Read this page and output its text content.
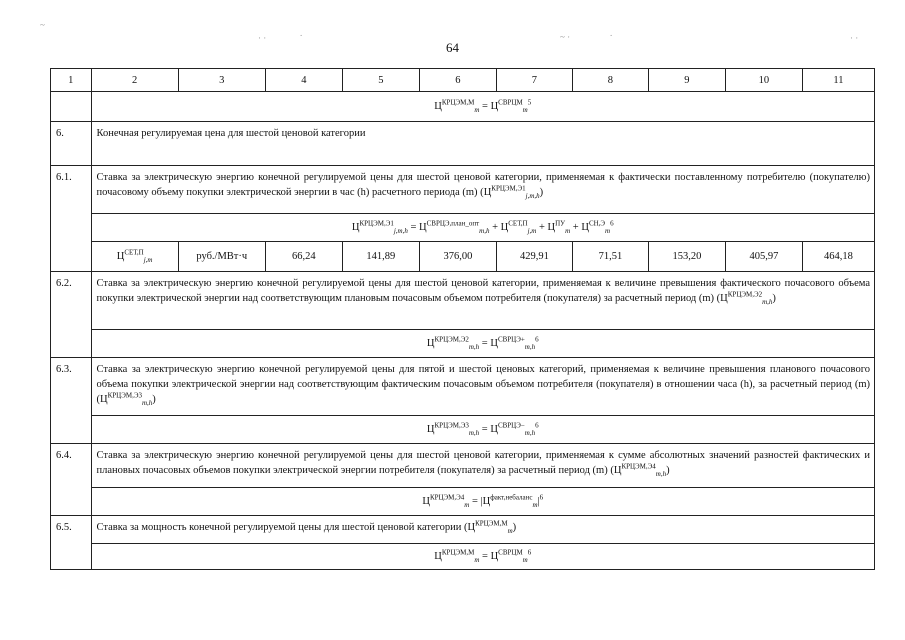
64
~
· ·	.	~ ·	.	· ·
1	2	3	4	5	6	7	8	9	10	11
	$Ц^{КРЦЭМ,М}_m = Ц^{СВРЦМ}_m^5$
6.	Конечная регулируемая цена для шестой ценовой категории									
6.1.	Ставка за электрическую энергию конечной регулируемой цены для шестой ценовой категории, применяемая к фактически поставленному потребителю (покупателю) почасовому объему покупки электрической энергии в час (h) расчетного периода (m) $(Ц^{КРЦЭМ,Э1}_{j,m,h})$									
	$Ц^{КРЦЭМ,Э1}_{j,m,h} = Ц^{СВРЦЭ,план\_опт}_{m,h} + Ц^{СЕТ,П}_{j,m} + Ц^{ПУ}_m + Ц^{СН,Э}_m^6$
	$Ц^{СЕТ,П}_{j,m}$	руб./МВт·ч	66,24	141,89	376,00	429,91	71,51	153,20	405,97	464,18
6.2.	Ставка за электрическую энергию конечной регулируемой цены для шестой ценовой категории, применяемая к величине превышения фактического почасового объема покупки электрической энергии над соответствующим плановым почасовым объемом потребителя (покупателя) за расчетный период (m) $(Ц^{КРЦЭМ,Э2}_{m,h})$									
	$Ц^{КРЦЭМ,Э2}_{m,h} = Ц^{СВРЦЭ+}_{m,h}^6$
6.3.	Ставка за электрическую энергию конечной регулируемой цены для пятой и шестой ценовых категорий, применяемая к величине превышения планового почасового объема покупки электрической энергии над соответствующим фактическим почасовым объемом потребителя (покупателя) в отношении часа (h), за расчетный период (m) $(Ц^{КРЦЭМ,Э3}_{m,h})$									
	$Ц^{КРЦЭМ,Э3}_{m,h} = Ц^{СВРЦЭ-}_{m,h}^6$
6.4.	Ставка за электрическую энергию конечной регулируемой цены для шестой ценовой категории, применяемая к сумме абсолютных значений разностей фактических и плановых почасовых объемов покупки электрической энергии потребителя (покупателя) за расчетный период (m) $(Ц^{КРЦЭМ,Э4}_{m,h})$									
	$Ц^{КРЦЭМ,Э4}_m = |Ц^{факт,небаланс}_m|^6$
6.5.	Ставка за мощность конечной регулируемой цены для шестой ценовой категории $(Ц^{КРЦЭМ,М}_m)$									
	$Ц^{КРЦЭМ,М}_m = Ц^{СВРЦМ}_m^6$
